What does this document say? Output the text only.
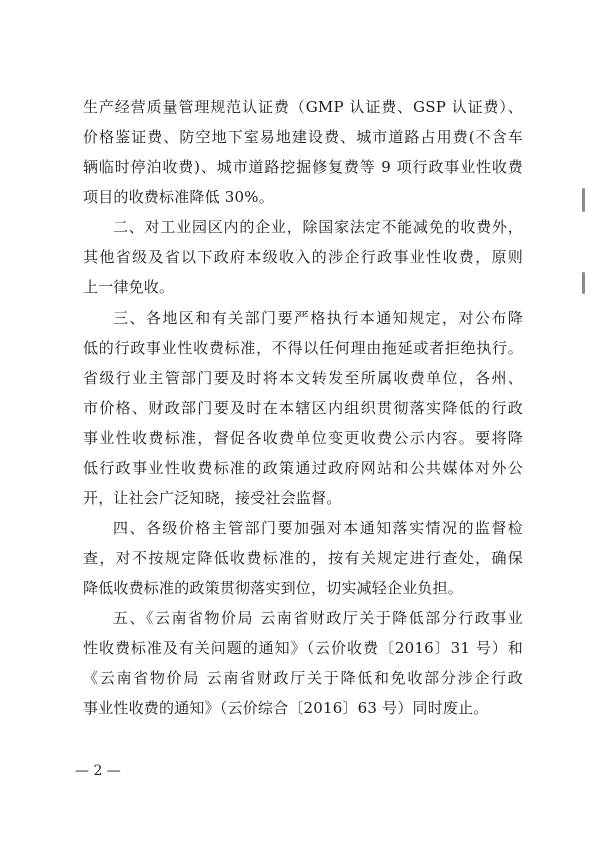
生产经营质量管理规范认证费（GMP 认证费、GSP 认证费）、
价格鉴证费、防空地下室易地建设费、城市道路占用费(不含车
辆临时停泊收费)、城市道路挖掘修复费等 9 项行政事业性收费
项目的收费标准降低 30%。
二、对工业园区内的企业，除国家法定不能减免的收费外，
其他省级及省以下政府本级收入的涉企行政事业性收费，原则
上一律免收。
三、各地区和有关部门要严格执行本通知规定，对公布降
低的行政事业性收费标准，不得以任何理由拖延或者拒绝执行。
省级行业主管部门要及时将本文转发至所属收费单位，各州、
市价格、财政部门要及时在本辖区内组织贯彻落实降低的行政
事业性收费标准，督促各收费单位变更收费公示内容。要将降
低行政事业性收费标准的政策通过政府网站和公共媒体对外公
开，让社会广泛知晓，接受社会监督。
四、各级价格主管部门要加强对本通知落实情况的监督检
查，对不按规定降低收费标准的，按有关规定进行查处，确保
降低收费标准的政策贯彻落实到位，切实减轻企业负担。
五、《云南省物价局 云南省财政厅关于降低部分行政事业
性收费标准及有关问题的通知》（云价收费〔2016〕31 号）和
《云南省物价局 云南省财政厅关于降低和免收部分涉企行政
事业性收费的通知》（云价综合〔2016〕63 号）同时废止。
— 2 —
